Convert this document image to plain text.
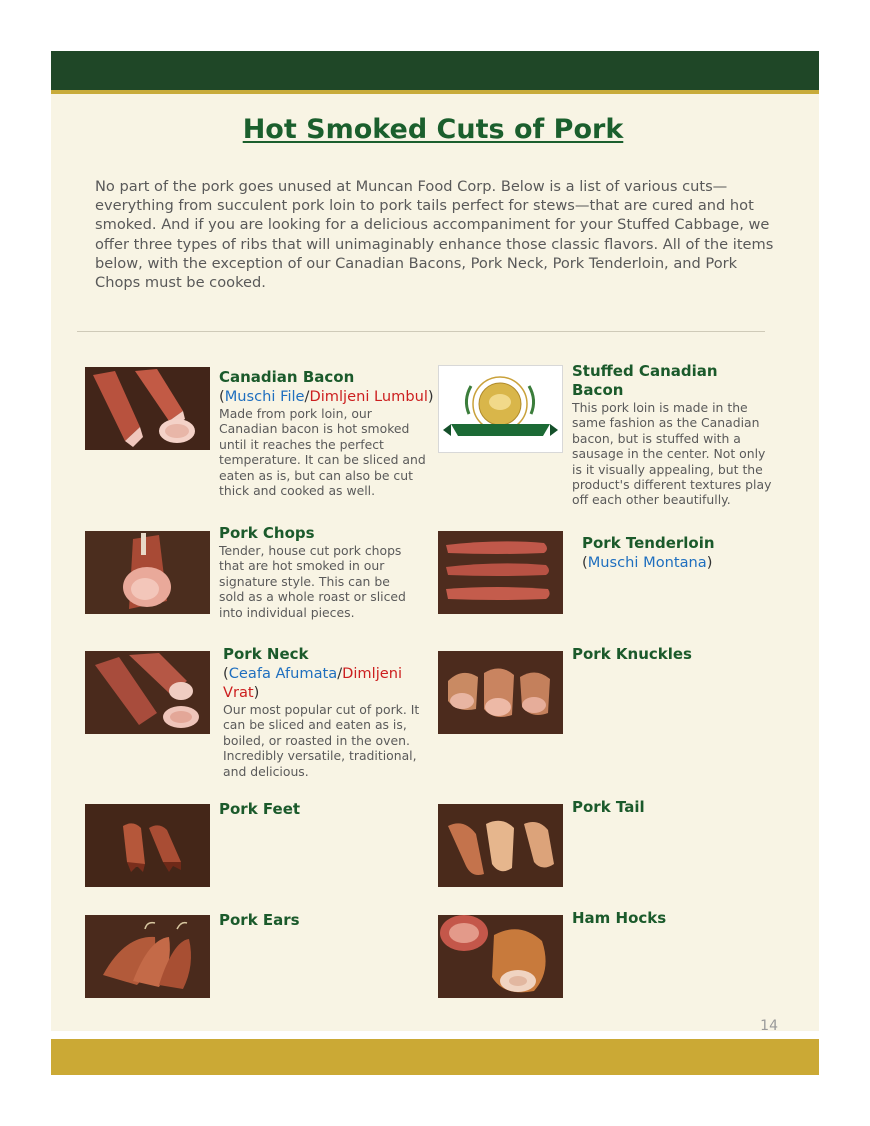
Hot Smoked Cuts of Pork

No part of the pork goes unused at Muncan Food Corp. Below is a list of various cuts—everything from succulent pork loin to pork tails perfect for stews—that are cured and hot smoked. And if you are looking for a delicious accompaniment for your Stuffed Cabbage, we offer three types of ribs that will unimaginably enhance those classic flavors. All of the items below, with the exception of our Canadian Bacons, Pork Neck, Pork Tenderloin, and Pork Chops must be cooked.

Canadian Bacon
(Muschi File/Dimljeni Lumbul)
Made from pork loin, our Canadian bacon is hot smoked until it reaches the perfect temperature. It can be sliced and eaten as is, but can also be cut thick and cooked as well.
Stuffed Canadian Bacon
This pork loin is made in the same fashion as the Canadian bacon, but is stuffed with a sausage in the center. Not only is it visually appealing, but the product's different textures play off each other beautifully.
Pork Chops
Tender, house cut pork chops that are hot smoked in our signature style. This can be sold as a whole roast or sliced into individual pieces.
Pork Tenderloin
(Muschi Montana)
Pork Neck
(Ceafa Afumata/Dimljeni Vrat)
Our most popular cut of pork. It can be sliced and eaten as is, boiled, or roasted in the oven. Incredibly versatile, traditional, and delicious.
Pork Knuckles
Pork Feet	Pork Tail
Pork Ears	Ham Hocks
14
